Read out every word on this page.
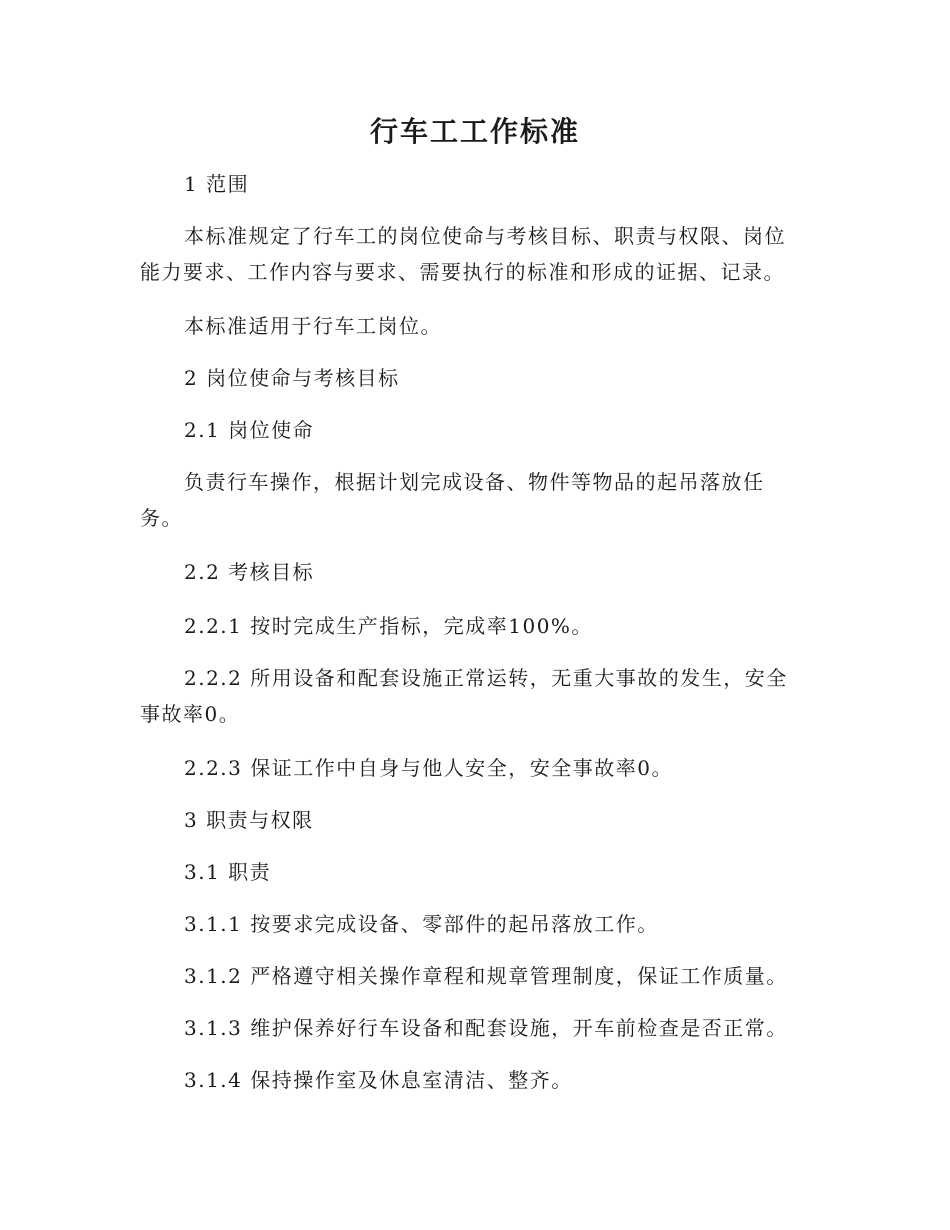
行车工工作标准
1 范围
本标准规定了行车工的岗位使命与考核目标、职责与权限、岗位能力要求、工作内容与要求、需要执行的标准和形成的证据、记录。
本标准适用于行车工岗位。
2 岗位使命与考核目标
2.1 岗位使命
负责行车操作，根据计划完成设备、物件等物品的起吊落放任务。
2.2 考核目标
2.2.1 按时完成生产指标，完成率100%。
2.2.2 所用设备和配套设施正常运转，无重大事故的发生，安全事故率0。
2.2.3 保证工作中自身与他人安全，安全事故率0。
3 职责与权限
3.1 职责
3.1.1 按要求完成设备、零部件的起吊落放工作。
3.1.2 严格遵守相关操作章程和规章管理制度，保证工作质量。
3.1.3 维护保养好行车设备和配套设施，开车前检查是否正常。
3.1.4 保持操作室及休息室清洁、整齐。
